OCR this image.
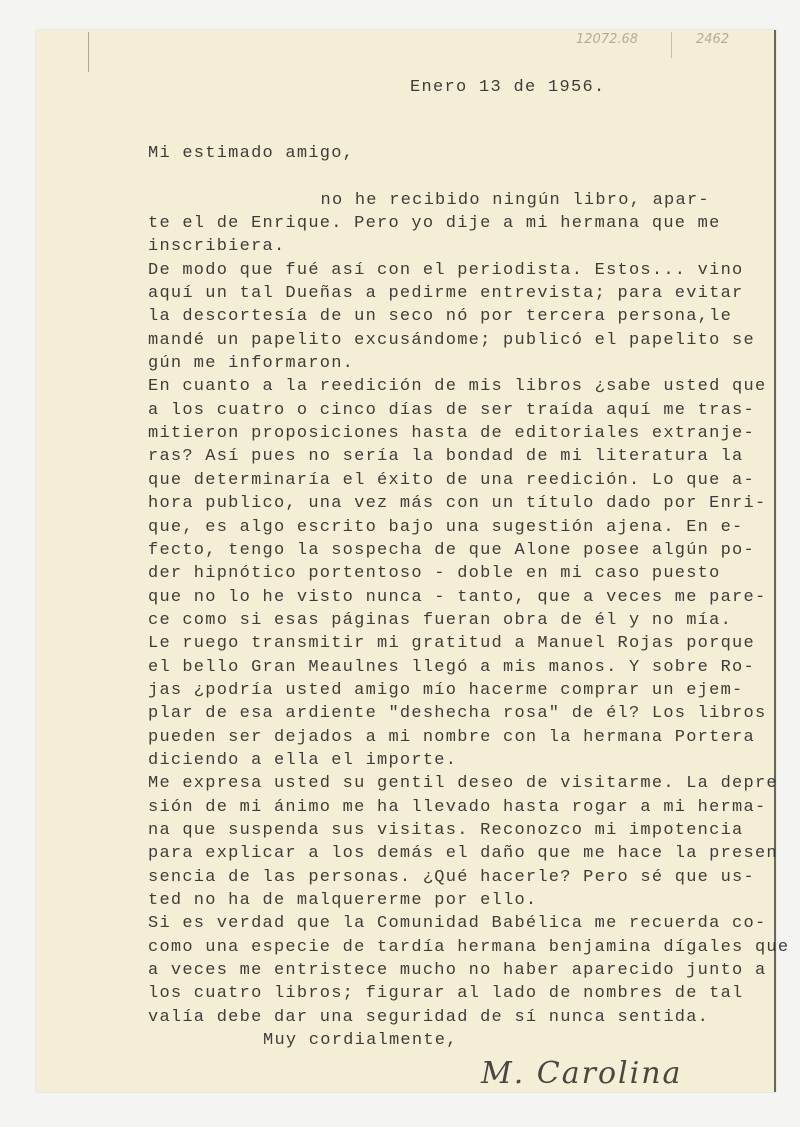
12072.68	2462
Enero 13 de 1956.
Mi estimado amigo,
no he recibido ningún libro, apar-
te el de Enrique. Pero yo dije a mi hermana que me
inscribiera.
De modo que fué así con el periodista. Estos... vino
aquí un tal Dueñas a pedirme entrevista; para evitar
la descortesía de un seco nó por tercera persona,le
mandé un papelito excusándome; publicó el papelito se
gún me informaron.
En cuanto a la reedición de mis libros ¿sabe usted que
a los cuatro o cinco días de ser traída aquí me tras-
mitieron proposiciones hasta de editoriales extranje-
ras? Así pues no sería la bondad de mi literatura la
que determinaría el éxito de una reedición. Lo que a-
hora publico, una vez más con un título dado por Enri-
que, es algo escrito bajo una sugestión ajena. En e-
fecto, tengo la sospecha de que Alone posee algún po-
der hipnótico portentoso - doble en mi caso puesto
que no lo he visto nunca - tanto, que a veces me pare-
ce como si esas páginas fueran obra de él y no mía.
Le ruego transmitir mi gratitud a Manuel Rojas porque
el bello Gran Meaulnes llegó a mis manos. Y sobre Ro-
jas ¿podría usted amigo mío hacerme comprar un ejem-
plar de esa ardiente "deshecha rosa" de él? Los libros
pueden ser dejados a mi nombre con la hermana Portera
diciendo a ella el importe.
Me expresa usted su gentil deseo de visitarme. La depre
sión de mi ánimo me ha llevado hasta rogar a mi herma-
na que suspenda sus visitas. Reconozco mi impotencia
para explicar a los demás el daño que me hace la presen
sencia de las personas. ¿Qué hacerle? Pero sé que us-
ted no ha de malquererme por ello.
Si es verdad que la Comunidad Babélica me recuerda co-
como una especie de tardía hermana benjamina dígales que
a veces me entristece mucho no haber aparecido junto a
los cuatro libros; figurar al lado de nombres de tal
valía debe dar una seguridad de sí nunca sentida.
Muy cordialmente,
M. Carolina
